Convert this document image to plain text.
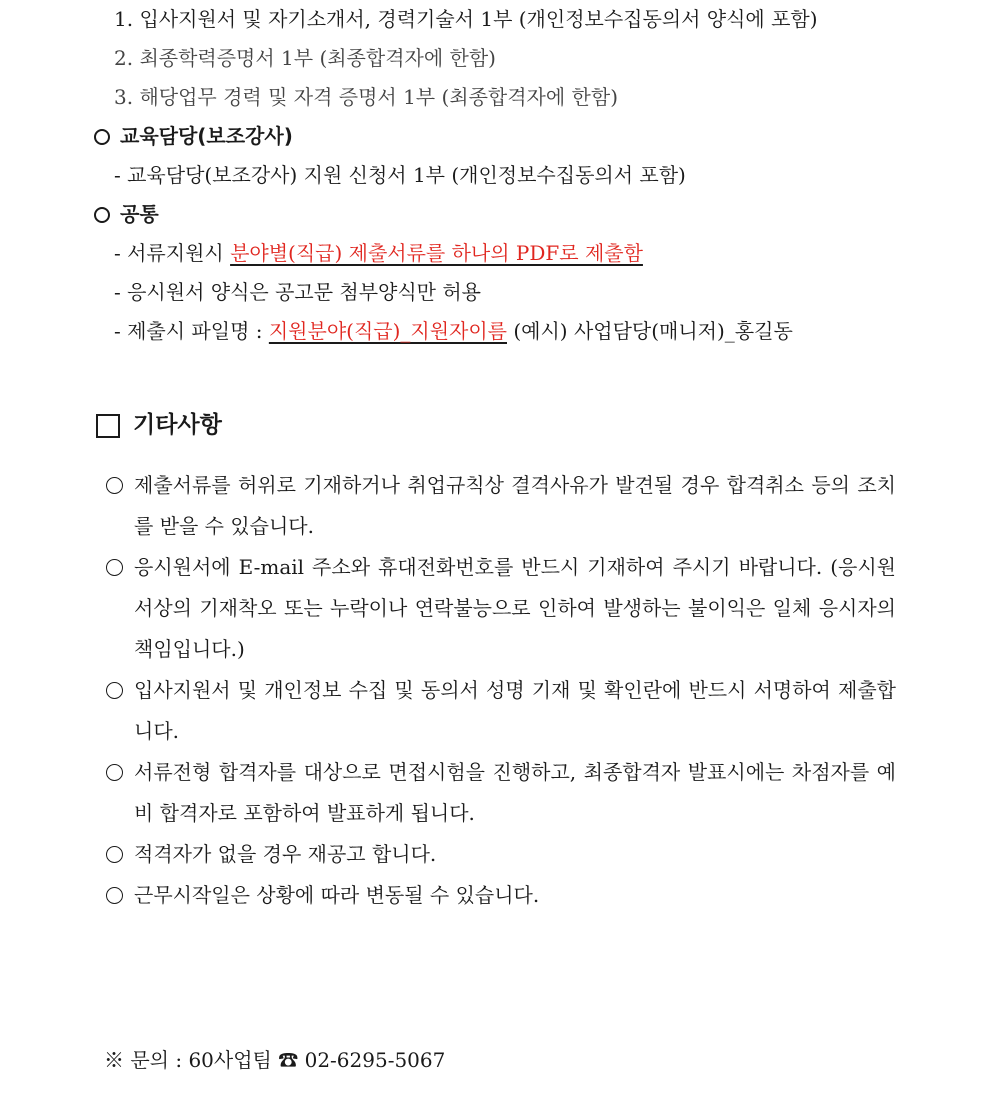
1. 입사지원서 및 자기소개서, 경력기술서 1부 (개인정보수집동의서 양식에 포함)
2. 최종학력증명서 1부 (최종합격자에 한함)
3. 해당업무 경력 및 자격 증명서 1부 (최종합격자에 한함)
교육담당(보조강사)
- 교육담당(보조강사) 지원 신청서 1부 (개인정보수집동의서 포함)
공통
- 서류지원시 분야별(직급) 제출서류를 하나의 PDF로 제출함
- 응시원서 양식은 공고문 첨부양식만 허용
- 제출시 파일명 : 지원분야(직급)_지원자이름 (예시) 사업담당(매니저)_홍길동
기타사항
제출서류를 허위로 기재하거나 취업규칙상 결격사유가 발견될 경우 합격취소 등의 조치를 받을 수 있습니다.
응시원서에 E-mail 주소와 휴대전화번호를 반드시 기재하여 주시기 바랍니다. (응시원서상의 기재착오 또는 누락이나 연락불능으로 인하여 발생하는 불이익은 일체 응시자의 책임입니다.)
입사지원서 및 개인정보 수집 및 동의서 성명 기재 및 확인란에 반드시 서명하여 제출합니다.
서류전형 합격자를 대상으로 면접시험을 진행하고, 최종합격자 발표시에는 차점자를 예비 합격자로 포함하여 발표하게 됩니다.
적격자가 없을 경우 재공고 합니다.
근무시작일은 상황에 따라 변동될 수 있습니다.
※ 문의 : 60사업팀 ☎ 02-6295-5067
